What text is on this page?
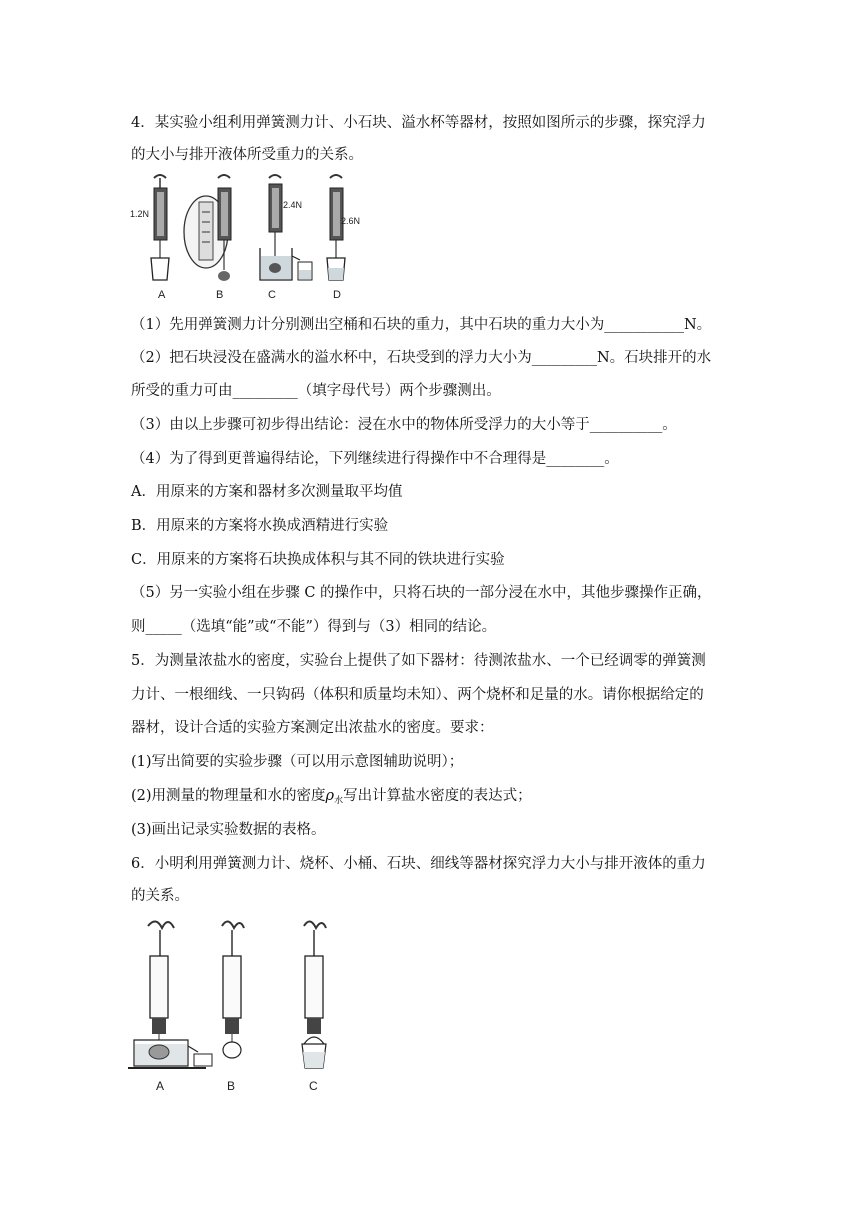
4．某实验小组利用弹簧测力计、小石块、溢水杯等器材，按照如图所示的步骤，探究浮力
的大小与排开液体所受重力的关系。
1.2N
2.4N
2.6N
A	B	C	D
（1）先用弹簧测力计分别测出空桶和石块的重力，其中石块的重力大小为___________N。
（2）把石块浸没在盛满水的溢水杯中，石块受到的浮力大小为_________N。石块排开的水
所受的重力可由_________（填字母代号）两个步骤测出。
（3）由以上步骤可初步得出结论：浸在水中的物体所受浮力的大小等于__________。
（4）为了得到更普遍得结论，下列继续进行得操作中不合理得是________。
A．用原来的方案和器材多次测量取平均值
B．用原来的方案将水换成酒精进行实验
C．用原来的方案将石块换成体积与其不同的铁块进行实验
（5）另一实验小组在步骤 C 的操作中，只将石块的一部分浸在水中，其他步骤操作正确，
则_____（选填“能”或“不能”）得到与（3）相同的结论。
5．为测量浓盐水的密度，实验台上提供了如下器材：待测浓盐水、一个已经调零的弹簧测
力计、一根细线、一只钩码（体积和质量均未知）、两个烧杯和足量的水。请你根据给定的
器材，设计合适的实验方案测定出浓盐水的密度。要求：
(1)写出简要的实验步骤（可以用示意图辅助说明）；
(2)用测量的物理量和水的密度$\rho_水$写出计算盐水密度的表达式；
(3)画出记录实验数据的表格。
6．小明利用弹簧测力计、烧杯、小桶、石块、细线等器材探究浮力大小与排开液体的重力
的关系。
A	B	C
